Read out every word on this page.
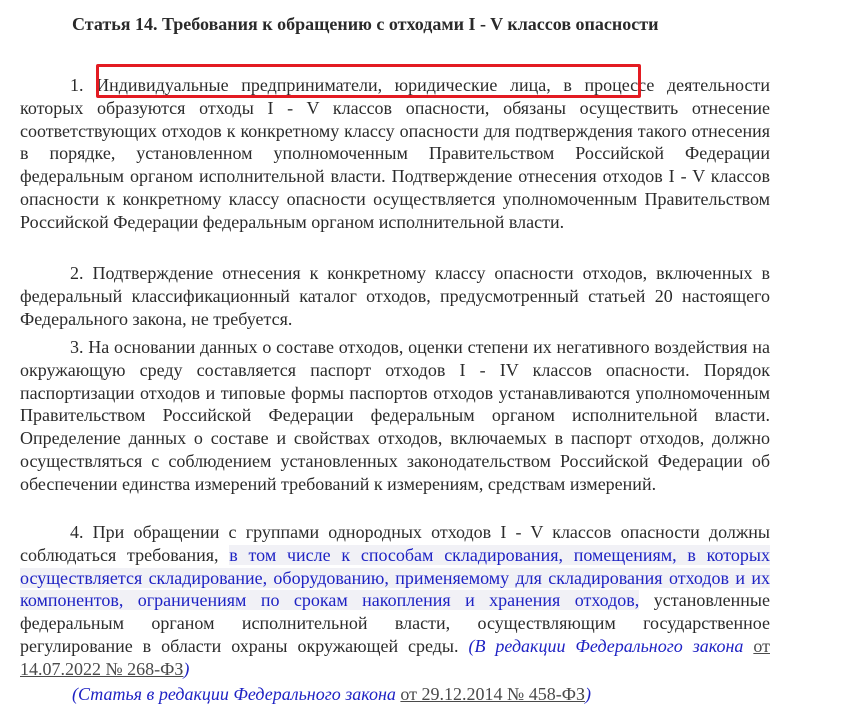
Статья 14. Требования к обращению с отходами I - V классов опасности

1. Индивидуальные предприниматели, юридические лица, в процессе деятельности которых образуются отходы I - V классов опасности, обязаны осуществить отнесение соответствующих отходов к конкретному классу опасности для подтверждения такого отнесения в порядке, установленном уполномоченным Правительством Российской Федерации федеральным органом исполнительной власти. Подтверждение отнесения отходов I - V классов опасности к конкретному классу опасности осуществляется уполномоченным Правительством Российской Федерации федеральным органом исполнительной власти.

2. Подтверждение отнесения к конкретному классу опасности отходов, включенных в федеральный классификационный каталог отходов, предусмотренный статьей 20 настоящего Федерального закона, не требуется.

3. На основании данных о составе отходов, оценки степени их негативного воздействия на окружающую среду составляется паспорт отходов I - IV классов опасности. Порядок паспортизации отходов и типовые формы паспортов отходов устанавливаются уполномоченным Правительством Российской Федерации федеральным органом исполнительной власти. Определение данных о составе и свойствах отходов, включаемых в паспорт отходов, должно осуществляться с соблюдением установленных законодательством Российской Федерации об обеспечении единства измерений требований к измерениям, средствам измерений.

4. При обращении с группами однородных отходов I - V классов опасности должны соблюдаться требования, в том числе к способам складирования, помещениям, в которых осуществляется складирование, оборудованию, применяемому для складирования отходов и их компонентов, ограничениям по срокам накопления и хранения отходов, установленные федеральным органом исполнительной власти, осуществляющим государственное регулирование в области охраны окружающей среды. (В редакции Федерального закона от 14.07.2022 № 268-ФЗ)

(Статья в редакции Федерального закона от 29.12.2014 № 458-ФЗ)
